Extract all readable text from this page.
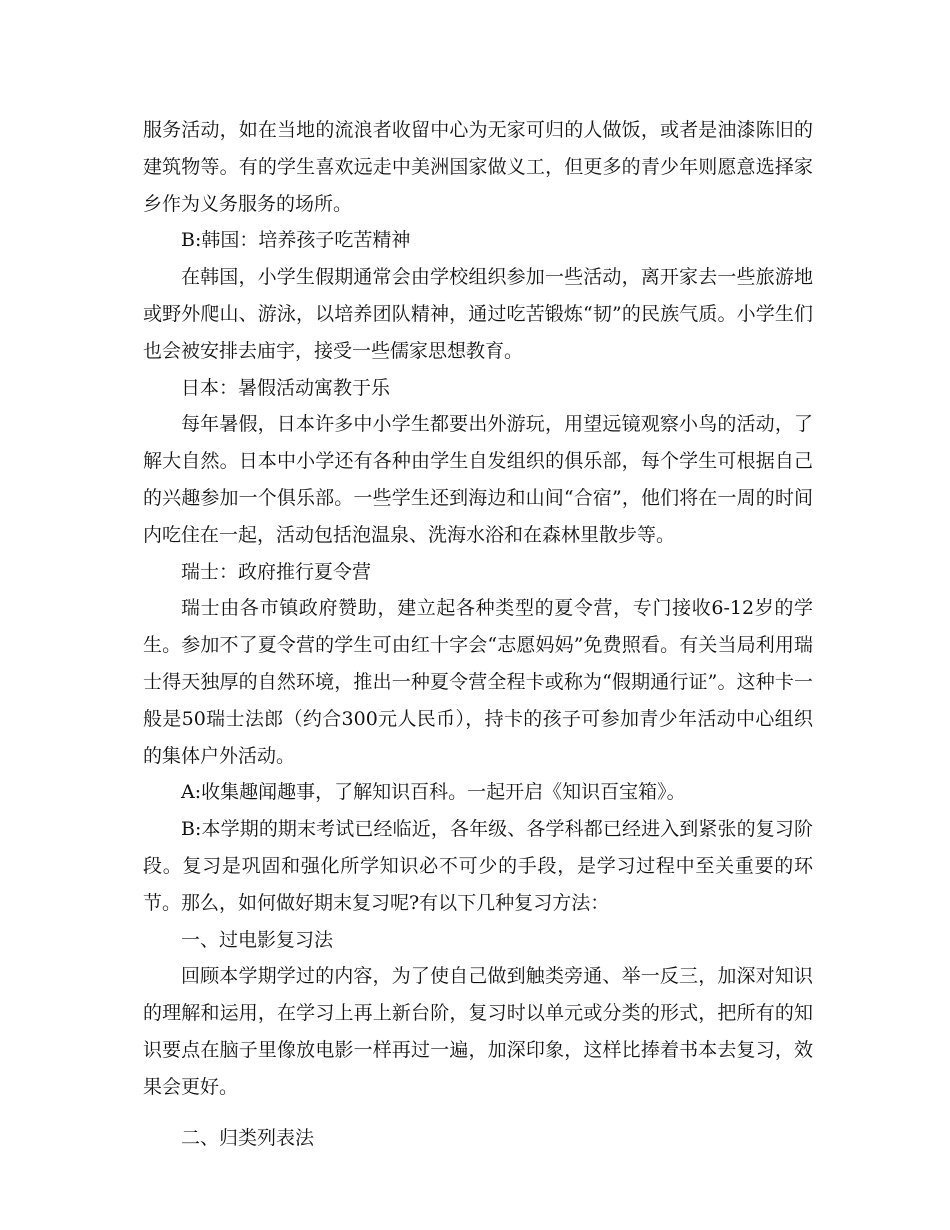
服务活动，如在当地的流浪者收留中心为无家可归的人做饭，或者是油漆陈旧的建筑物等。有的学生喜欢远走中美洲国家做义工，但更多的青少年则愿意选择家乡作为义务服务的场所。

B:韩国：培养孩子吃苦精神

在韩国，小学生假期通常会由学校组织参加一些活动，离开家去一些旅游地或野外爬山、游泳，以培养团队精神，通过吃苦锻炼“韧”的民族气质。小学生们也会被安排去庙宇，接受一些儒家思想教育。

日本：暑假活动寓教于乐

每年暑假，日本许多中小学生都要出外游玩，用望远镜观察小鸟的活动，了解大自然。日本中小学还有各种由学生自发组织的俱乐部，每个学生可根据自己的兴趣参加一个俱乐部。一些学生还到海边和山间“合宿”，他们将在一周的时间内吃住在一起，活动包括泡温泉、洗海水浴和在森林里散步等。

瑞士：政府推行夏令营

瑞士由各市镇政府赞助，建立起各种类型的夏令营，专门接收6-12岁的学生。参加不了夏令营的学生可由红十字会“志愿妈妈”免费照看。有关当局利用瑞士得天独厚的自然环境，推出一种夏令营全程卡或称为“假期通行证”。这种卡一般是50瑞士法郎（约合300元人民币），持卡的孩子可参加青少年活动中心组织的集体户外活动。

A:收集趣闻趣事，了解知识百科。一起开启《知识百宝箱》。

B:本学期的期末考试已经临近，各年级、各学科都已经进入到紧张的复习阶段。复习是巩固和强化所学知识必不可少的手段，是学习过程中至关重要的环节。那么，如何做好期末复习呢?有以下几种复习方法：

一、过电影复习法

回顾本学期学过的内容，为了使自己做到触类旁通、举一反三，加深对知识的理解和运用，在学习上再上新台阶，复习时以单元或分类的形式，把所有的知识要点在脑子里像放电影一样再过一遍，加深印象，这样比捧着书本去复习，效果会更好。

二、归类列表法
